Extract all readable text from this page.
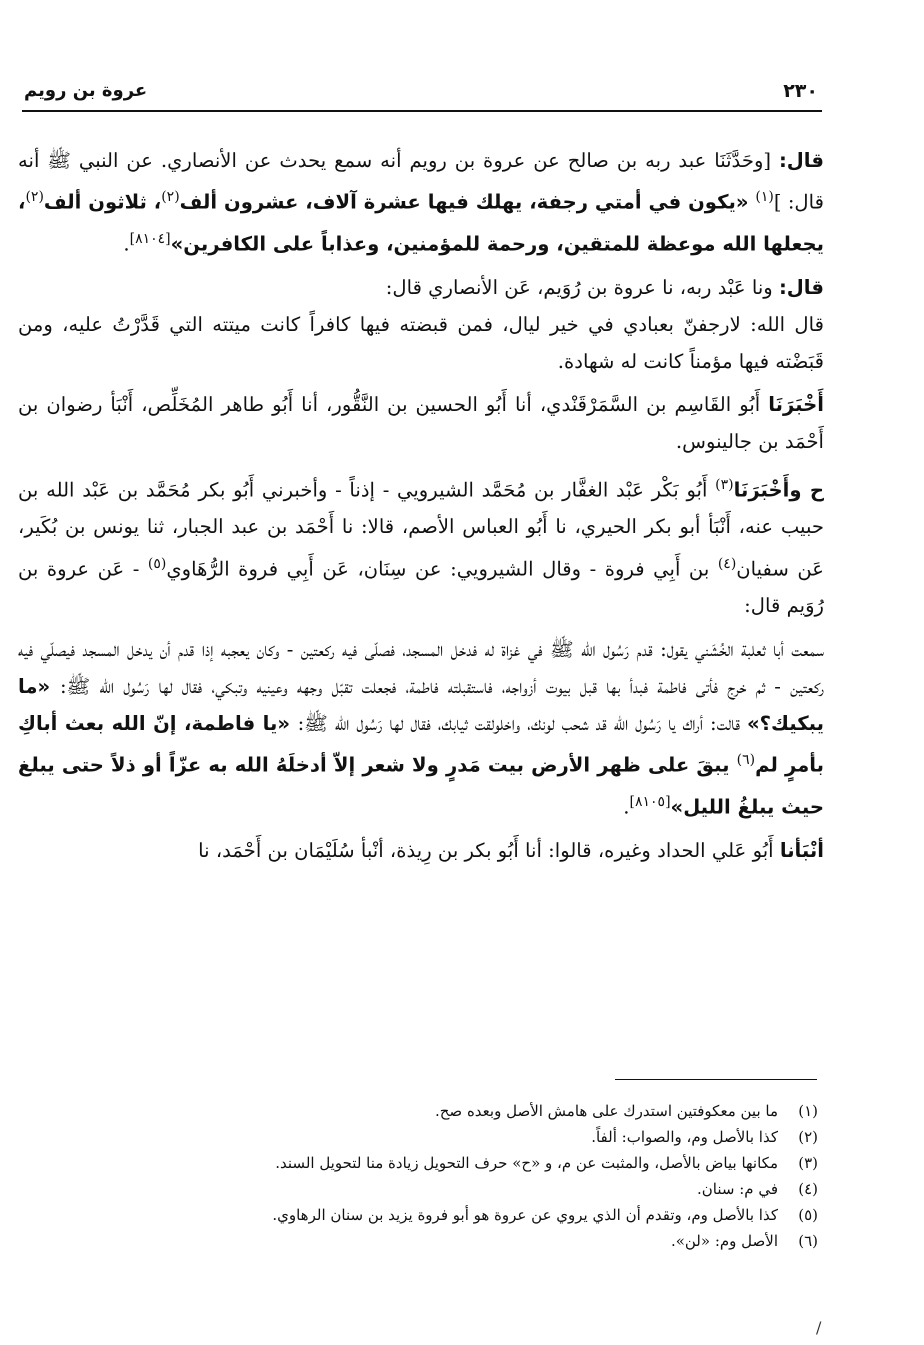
٢٣٠
عروة بن رويم

قال: [وحَدَّثَنَا عبد ربه بن صالح عن عروة بن رويم أنه سمع يحدث عن الأنصاري. عن النبي ﷺ أنه قال: ]$^{(١)}$ «يكون في أمتي رجفة، يهلك فيها عشرة آلاف، عشرون ألف$^{(٢)}$، ثلاثون ألف$^{(٢)}$، يجعلها الله موعظة للمتقين، ورحمة للمؤمنين، وعذاباً على الكافرين»[٨١٠٤].

قال: ونا عَبْد ربه، نا عروة بن رُوَيم، عَن الأنصاري قال:
قال الله: لارجفنّ بعبادي في خير ليال، فمن قبضته فيها كافراً كانت ميتته التي قَدَّرْتُ عليه، ومن قَبَضْته فيها مؤمناً كانت له شهادة.

أَخْبَرَنَا أَبُو القَاسِم بن السَّمَرْقَنْدي، أنا أَبُو الحسين بن النَّقُّور، أنا أَبُو طاهر المُخَلِّص، أَنْبَأ رضوان بن أَحْمَد بن جالينوس.

ح وأَخْبَرَنَا$^{(٣)}$ أَبُو بَكْر عَبْد الغفَّار بن مُحَمَّد الشيرويي - إذناً - وأخبرني أَبُو بكر مُحَمَّد بن عَبْد الله بن حبيب عنه، أَنْبَأ أبو بكر الحيري، نا أَبُو العباس الأصم، قالا: نا أَحْمَد بن عبد الجبار، ثنا يونس بن بُكَير، عَن سفيان$^{(٤)}$ بن أَبِي فروة - وقال الشيرويي: عن سِنَان، عَن أَبِي فروة الرُّهَاوي$^{(٥)}$ - عَن عروة بن رُوَيم قال:

سمعت أبا ثعلبة الخُشَني يقول: قدم رَسُول الله ﷺ في غزاة له فدخل المسجد، فصلّى فيه ركعتين - وكان يعجبه إذا قدم أن يدخل المسجد فيصلّي فيه ركعتين - ثم خرج فأتى فاطمة فبدأ بها قبل بيوت أزواجه، فاستقبلته فاطمة، فجعلت تقبّل وجهه وعينيه وتبكي، فقال لها رَسُول الله ﷺ: «ما يبكيك؟» قالت: أراك يا رَسُول الله قد شحب لونك، واخلولقت ثيابك، فقال لها رَسُول الله ﷺ: «يا فاطمة، إنّ الله بعث أباكِ بأمرٍ لم$^{(٦)}$ يبقَ على ظهر الأرض بيت مَدرٍ ولا شعر إلاّ أدخلَهُ الله به عزّاً أو ذلاً حتى يبلغ حيث يبلغُ الليل»[٨١٠٥].

أنْبَأنا أَبُو عَلي الحداد وغيره، قالوا: أنا أَبُو بكر بن رِيذة، أنْبأ سُلَيْمَان بن أَحْمَد، نا

(١)
ما بين معكوفتين استدرك على هامش الأصل وبعده صح.
(٢)
كذا بالأصل وم، والصواب: ألفاً.
(٣)
مكانها بياض بالأصل، والمثبت عن م، و «ح» حرف التحويل زيادة منا لتحويل السند.
(٤)
في م: سنان.
(٥)
كذا بالأصل وم، وتقدم أن الذي يروي عن عروة هو أبو فروة يزيد بن سنان الرهاوي.
(٦)
الأصل وم: «لن».
/
